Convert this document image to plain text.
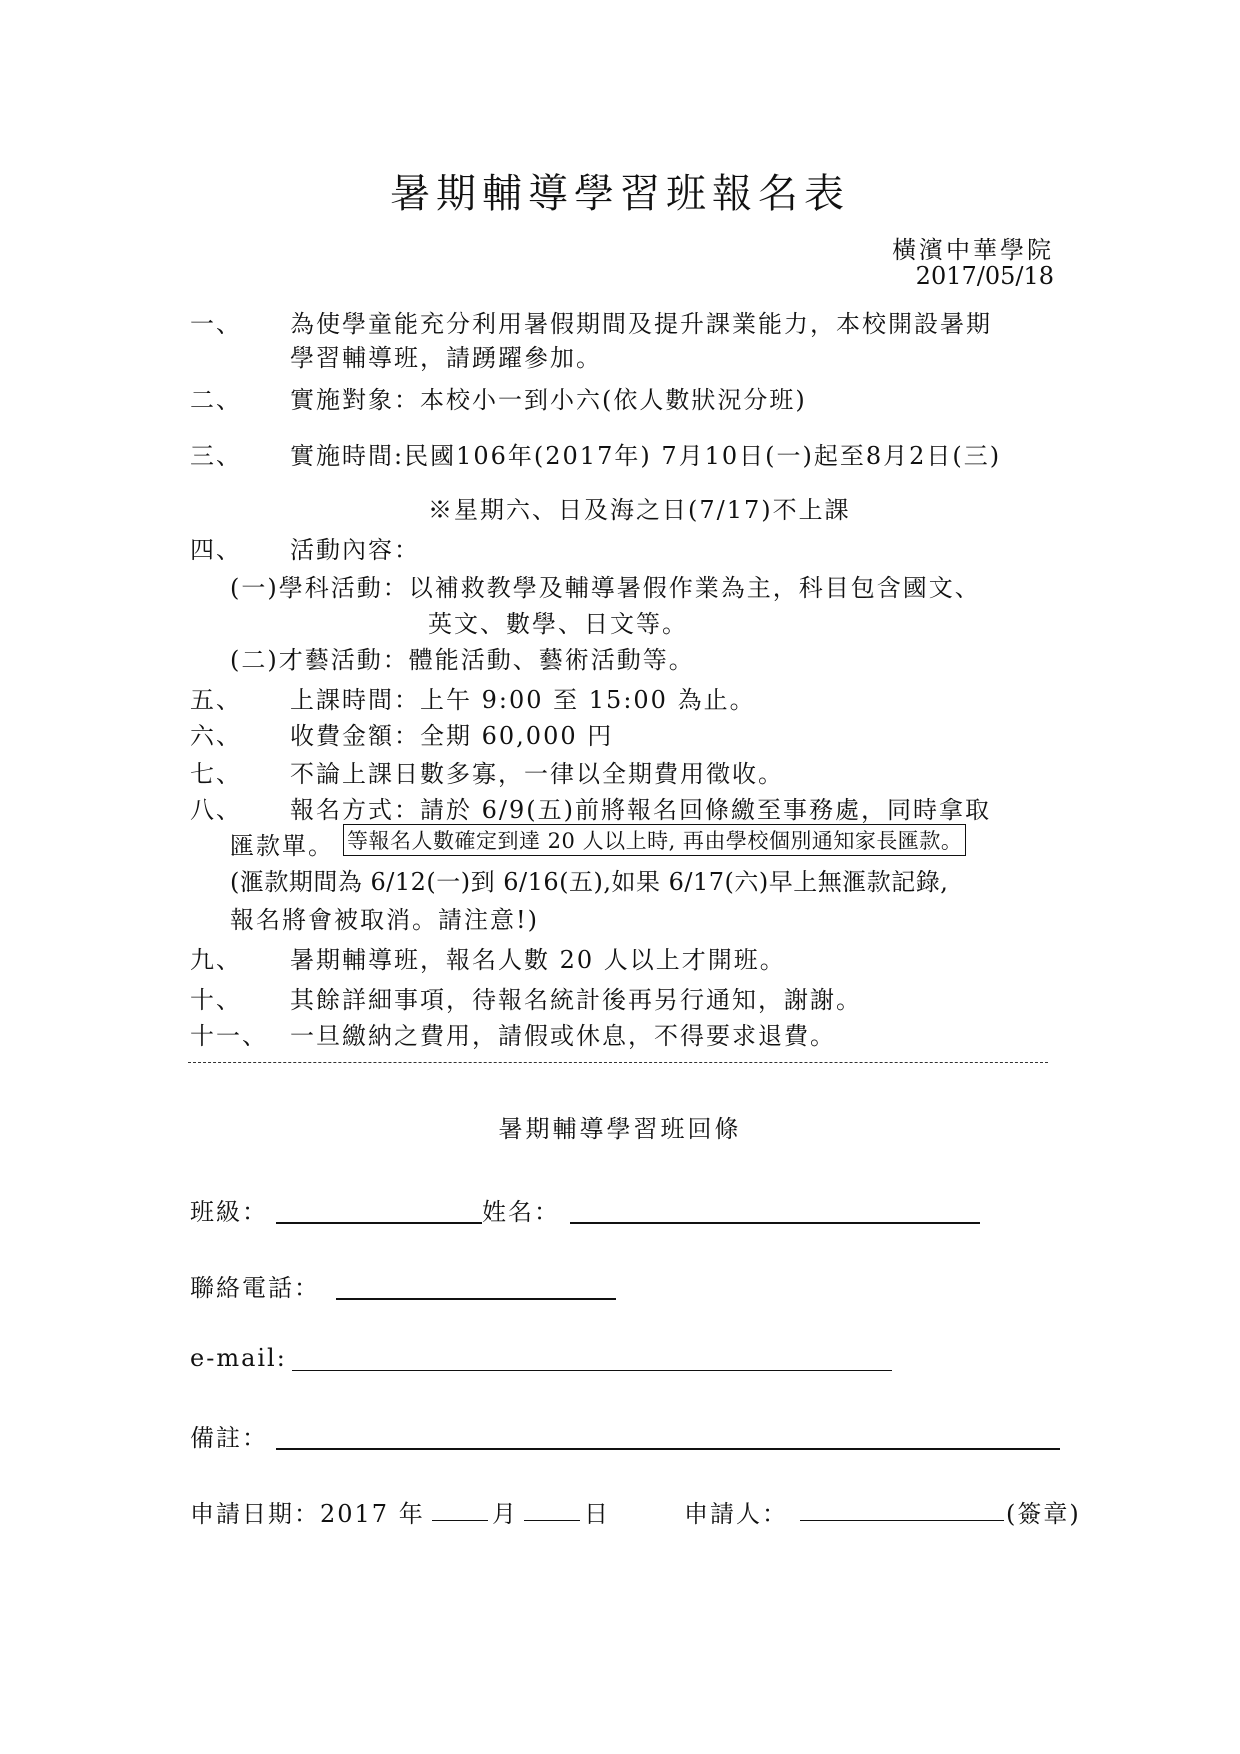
暑期輔導學習班報名表
橫濱中華學院
2017/05/18
一、 為使學童能充分利用暑假期間及提升課業能力，本校開設暑期
學習輔導班，請踴躍參加。
二、 實施對象：本校小一到小六(依人數狀況分班)
三、 實施時間:民國106年(2017年) 7月10日(一)起至8月2日(三)
※星期六、日及海之日(7/17)不上課
四、 活動內容：
(一)學科活動：以補救教學及輔導暑假作業為主，科目包含國文、
英文、數學、日文等。
(二)才藝活動：體能活動、藝術活動等。
五、 上課時間：上午 9:00 至 15:00 為止。
六、 收費金額：全期 60,000 円
七、 不論上課日數多寡，一律以全期費用徵收。
八、 報名方式：請於 6/9(五)前將報名回條繳至事務處，同時拿取
匯款單。 等報名人數確定到達 20 人以上時, 再由學校個別通知家長匯款。
(滙款期間為 6/12(一)到 6/16(五),如果 6/17(六)早上無滙款記錄,
報名將會被取消。請注意!)
九、 暑期輔導班，報名人數 20 人以上才開班。
十、 其餘詳細事項，待報名統計後再另行通知，謝謝。
十一、 一旦繳納之費用，請假或休息，不得要求退費。
暑期輔導學習班回條
班級：	姓名：
聯絡電話：
e-mail:
備註：
申請日期：2017 年	月	日	申請人：	(簽章)
